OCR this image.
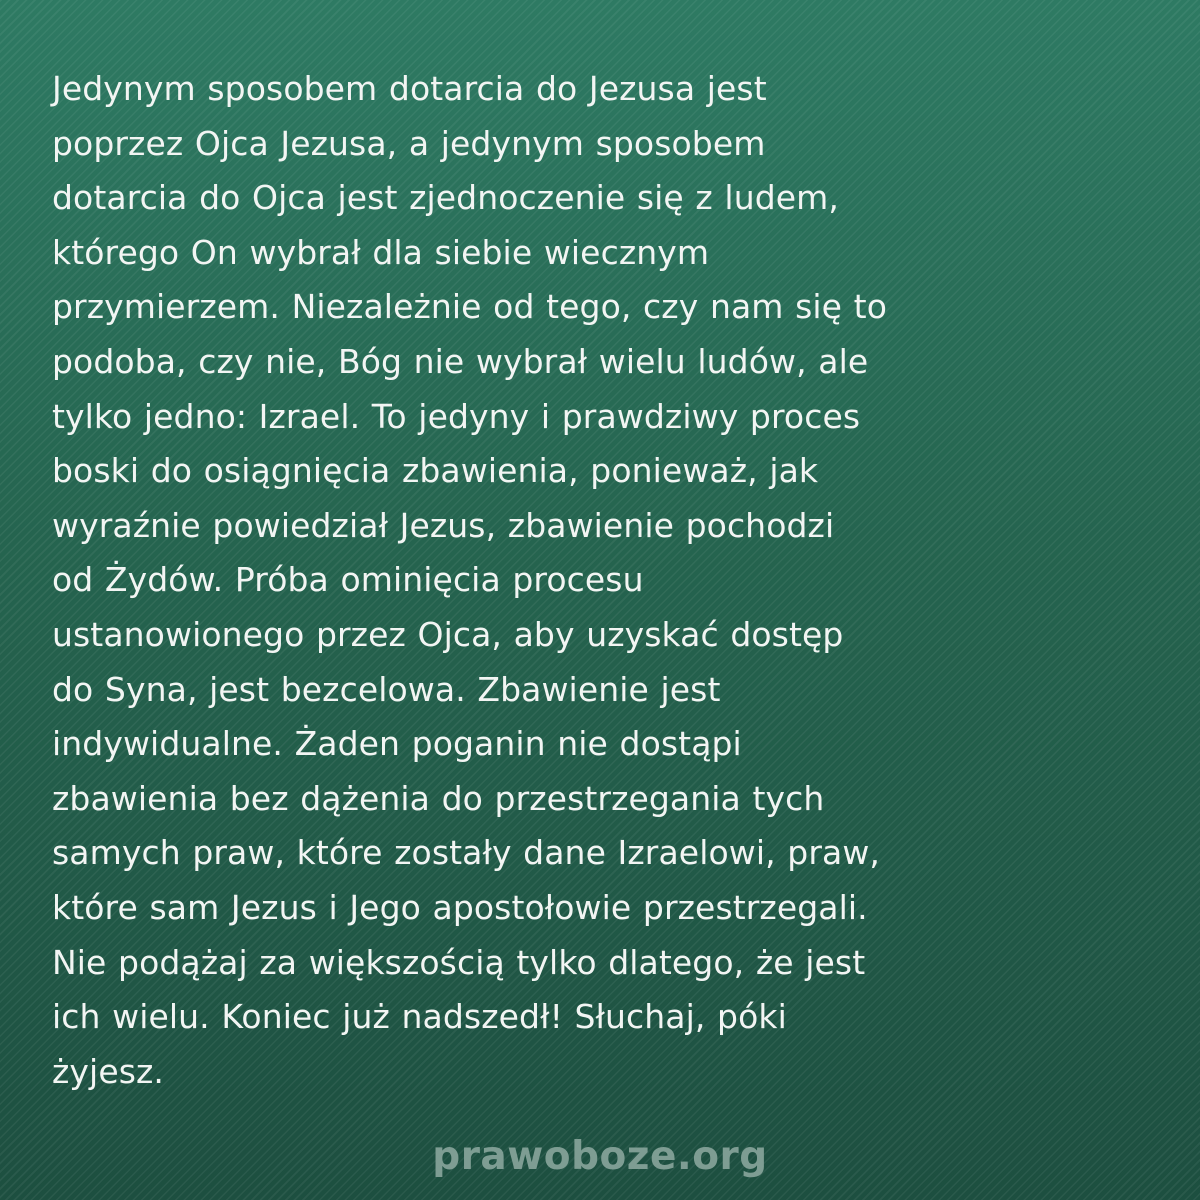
Jedynym sposobem dotarcia do Jezusa jest
poprzez Ojca Jezusa, a jedynym sposobem
dotarcia do Ojca jest zjednoczenie się z ludem,
którego On wybrał dla siebie wiecznym
przymierzem. Niezależnie od tego, czy nam się to
podoba, czy nie, Bóg nie wybrał wielu ludów, ale
tylko jedno: Izrael. To jedyny i prawdziwy proces
boski do osiągnięcia zbawienia, ponieważ, jak
wyraźnie powiedział Jezus, zbawienie pochodzi
od Żydów. Próba ominięcia procesu
ustanowionego przez Ojca, aby uzyskać dostęp
do Syna, jest bezcelowa. Zbawienie jest
indywidualne. Żaden poganin nie dostąpi
zbawienia bez dążenia do przestrzegania tych
samych praw, które zostały dane Izraelowi, praw,
które sam Jezus i Jego apostołowie przestrzegali.
Nie podążaj za większością tylko dlatego, że jest
ich wielu. Koniec już nadszedł! Słuchaj, póki
żyjesz.
prawoboze.org
